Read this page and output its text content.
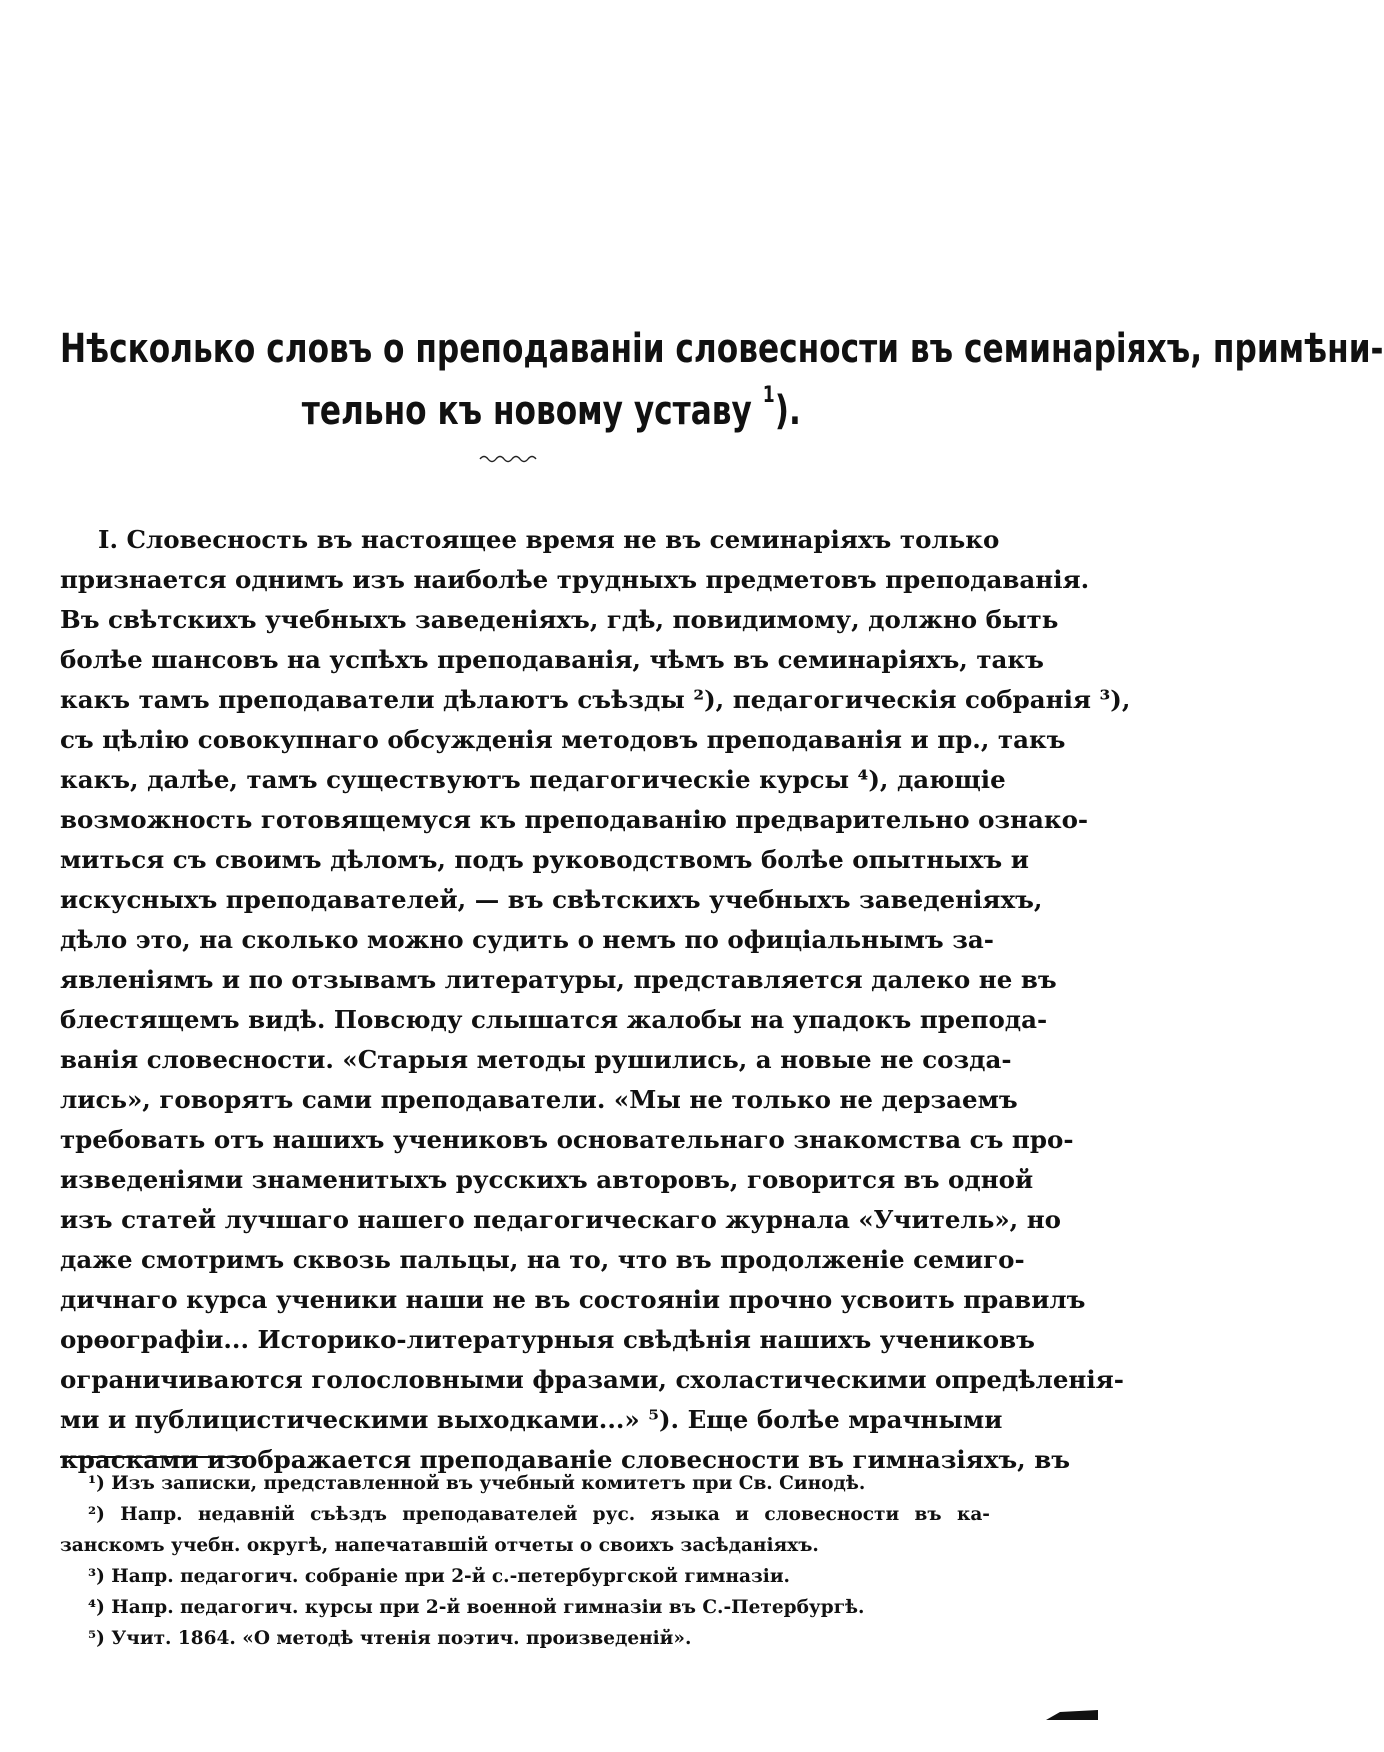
Нѣсколько словъ о преподаваніи словесности въ семинаріяхъ, примѣни-
тельно къ новому уставу $^1$).
I. Словесность въ настоящее время не въ семинаріяхъ только
признается однимъ изъ наиболѣе трудныхъ предметовъ преподаванія.
Въ свѣтскихъ учебныхъ заведеніяхъ, гдѣ, повидимому, должно быть
болѣе шансовъ на успѣхъ преподаванія, чѣмъ въ семинаріяхъ, такъ
какъ тамъ преподаватели дѣлаютъ съѣзды ²), педагогическія собранія ³),
съ цѣлію совокупнаго обсужденія методовъ преподаванія и пр., такъ
какъ, далѣе, тамъ существуютъ педагогическіе курсы ⁴), дающіе
возможность готовящемуся къ преподаванію предварительно ознако-
миться съ своимъ дѣломъ, подъ руководствомъ болѣе опытныхъ и
искусныхъ преподавателей, — въ свѣтскихъ учебныхъ заведеніяхъ,
дѣло это, на сколько можно судить о немъ по офиціальнымъ за-
явленіямъ и по отзывамъ литературы, представляется далеко не въ
блестящемъ видѣ. Повсюду слышатся жалобы на упадокъ препода-
ванія словесности. «Старыя методы рушились, а новые не созда-
лись», говорятъ сами преподаватели. «Мы не только не дерзаемъ
требовать отъ нашихъ учениковъ основательнаго знакомства съ про-
изведеніями знаменитыхъ русскихъ авторовъ, говорится въ одной
изъ статей лучшаго нашего педагогическаго журнала «Учитель», но
даже смотримъ сквозь пальцы, на то, что въ продолженіе семиго-
дичнаго курса ученики наши не въ состояніи прочно усвоить правилъ
орѳографіи... Историко-литературныя свѣдѣнія нашихъ учениковъ
ограничиваются голословными фразами, схоластическими опредѣленія-
ми и публицистическими выходками...» ⁵). Еще болѣе мрачными
красками изображается преподаваніе словесности въ гимназіяхъ, въ
¹) Изъ записки, представленной въ учебный комитетъ при Св. Синодѣ.
²) Напр. недавній съѣздъ преподавателей рус. языка и словесности въ ка-
занскомъ учебн. округѣ, напечатавшій отчеты о своихъ засѣданіяхъ.
³) Напр. педагогич. собраніе при 2-й с.-петербургской гимназіи.
⁴) Напр. педагогич. курсы при 2-й военной гимназіи въ С.-Петербургѣ.
⁵) Учит. 1864. «О методѣ чтенія поэтич. произведеній».
